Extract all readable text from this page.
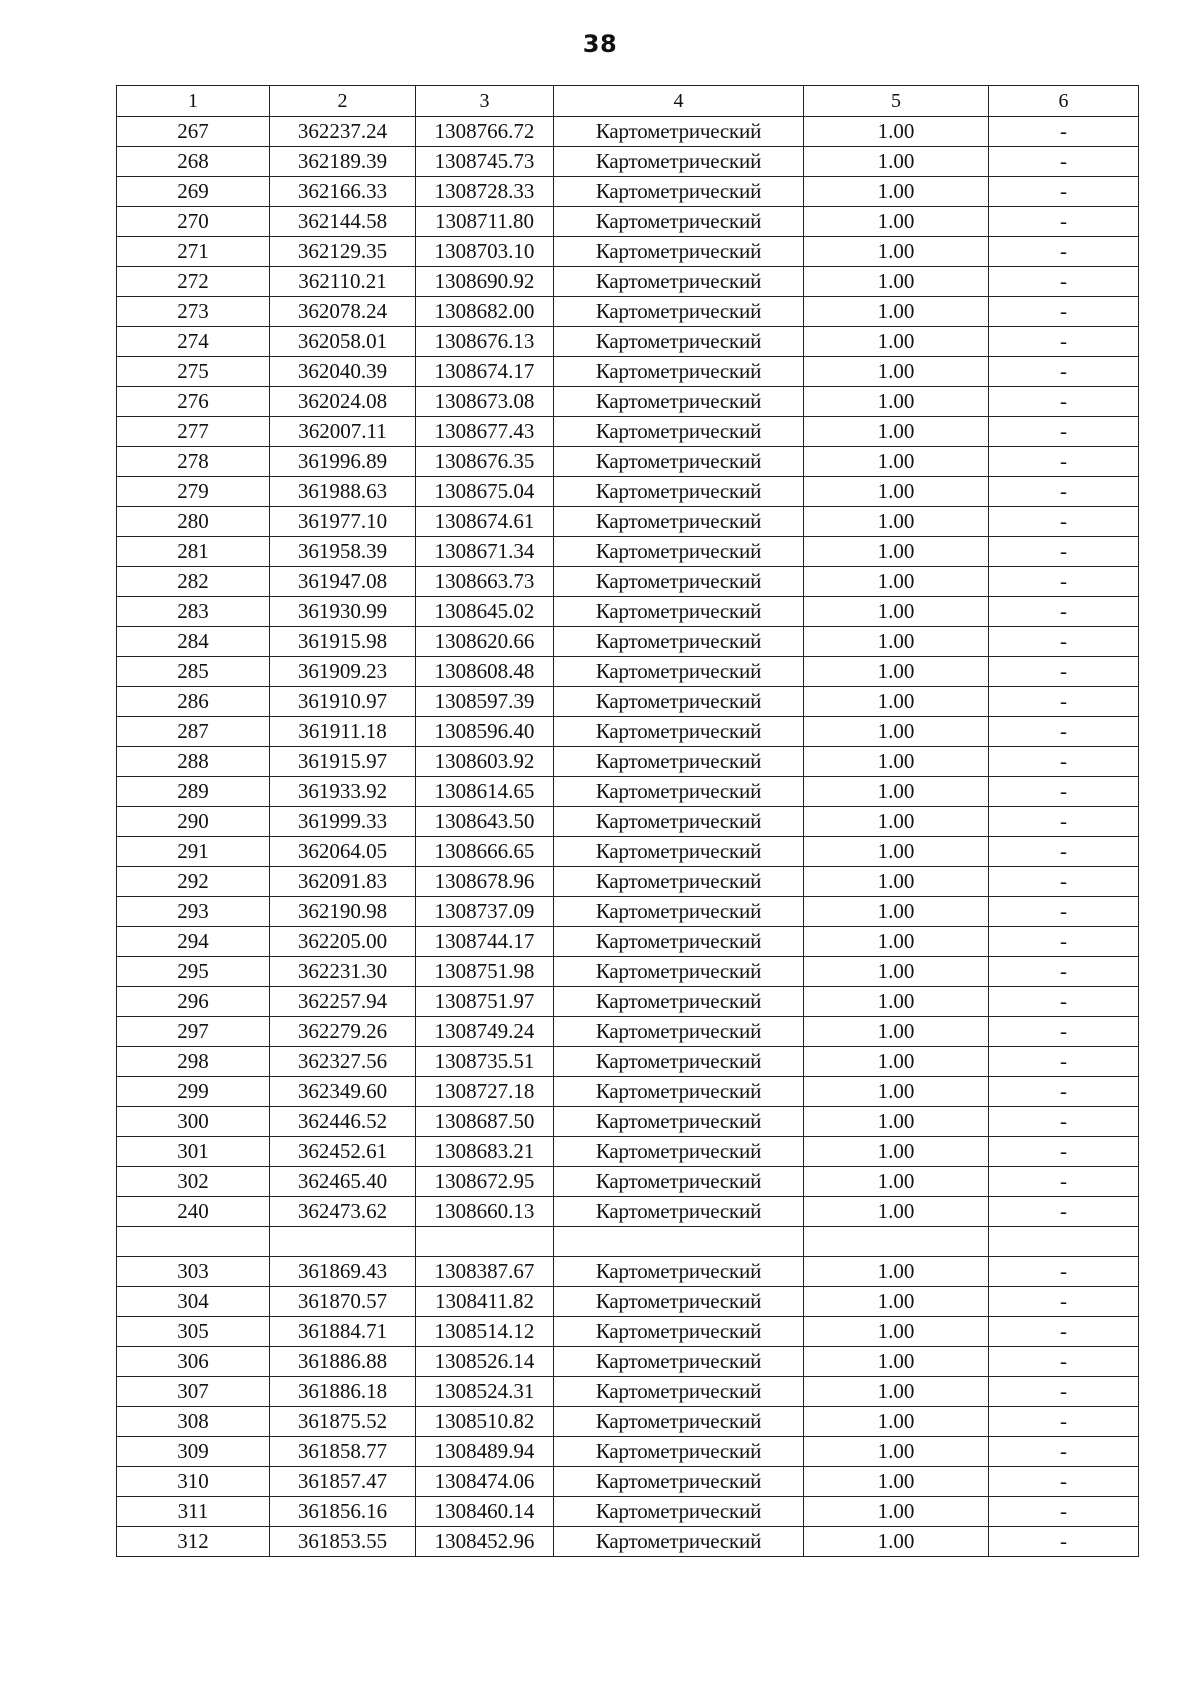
38
1	2	3	4	5	6
267	362237.24	1308766.72	Картометрический	1.00	-
268	362189.39	1308745.73	Картометрический	1.00	-
269	362166.33	1308728.33	Картометрический	1.00	-
270	362144.58	1308711.80	Картометрический	1.00	-
271	362129.35	1308703.10	Картометрический	1.00	-
272	362110.21	1308690.92	Картометрический	1.00	-
273	362078.24	1308682.00	Картометрический	1.00	-
274	362058.01	1308676.13	Картометрический	1.00	-
275	362040.39	1308674.17	Картометрический	1.00	-
276	362024.08	1308673.08	Картометрический	1.00	-
277	362007.11	1308677.43	Картометрический	1.00	-
278	361996.89	1308676.35	Картометрический	1.00	-
279	361988.63	1308675.04	Картометрический	1.00	-
280	361977.10	1308674.61	Картометрический	1.00	-
281	361958.39	1308671.34	Картометрический	1.00	-
282	361947.08	1308663.73	Картометрический	1.00	-
283	361930.99	1308645.02	Картометрический	1.00	-
284	361915.98	1308620.66	Картометрический	1.00	-
285	361909.23	1308608.48	Картометрический	1.00	-
286	361910.97	1308597.39	Картометрический	1.00	-
287	361911.18	1308596.40	Картометрический	1.00	-
288	361915.97	1308603.92	Картометрический	1.00	-
289	361933.92	1308614.65	Картометрический	1.00	-
290	361999.33	1308643.50	Картометрический	1.00	-
291	362064.05	1308666.65	Картометрический	1.00	-
292	362091.83	1308678.96	Картометрический	1.00	-
293	362190.98	1308737.09	Картометрический	1.00	-
294	362205.00	1308744.17	Картометрический	1.00	-
295	362231.30	1308751.98	Картометрический	1.00	-
296	362257.94	1308751.97	Картометрический	1.00	-
297	362279.26	1308749.24	Картометрический	1.00	-
298	362327.56	1308735.51	Картометрический	1.00	-
299	362349.60	1308727.18	Картометрический	1.00	-
300	362446.52	1308687.50	Картометрический	1.00	-
301	362452.61	1308683.21	Картометрический	1.00	-
302	362465.40	1308672.95	Картометрический	1.00	-
240	362473.62	1308660.13	Картометрический	1.00	-

303	361869.43	1308387.67	Картометрический	1.00	-
304	361870.57	1308411.82	Картометрический	1.00	-
305	361884.71	1308514.12	Картометрический	1.00	-
306	361886.88	1308526.14	Картометрический	1.00	-
307	361886.18	1308524.31	Картометрический	1.00	-
308	361875.52	1308510.82	Картометрический	1.00	-
309	361858.77	1308489.94	Картометрический	1.00	-
310	361857.47	1308474.06	Картометрический	1.00	-
311	361856.16	1308460.14	Картометрический	1.00	-
312	361853.55	1308452.96	Картометрический	1.00	-
